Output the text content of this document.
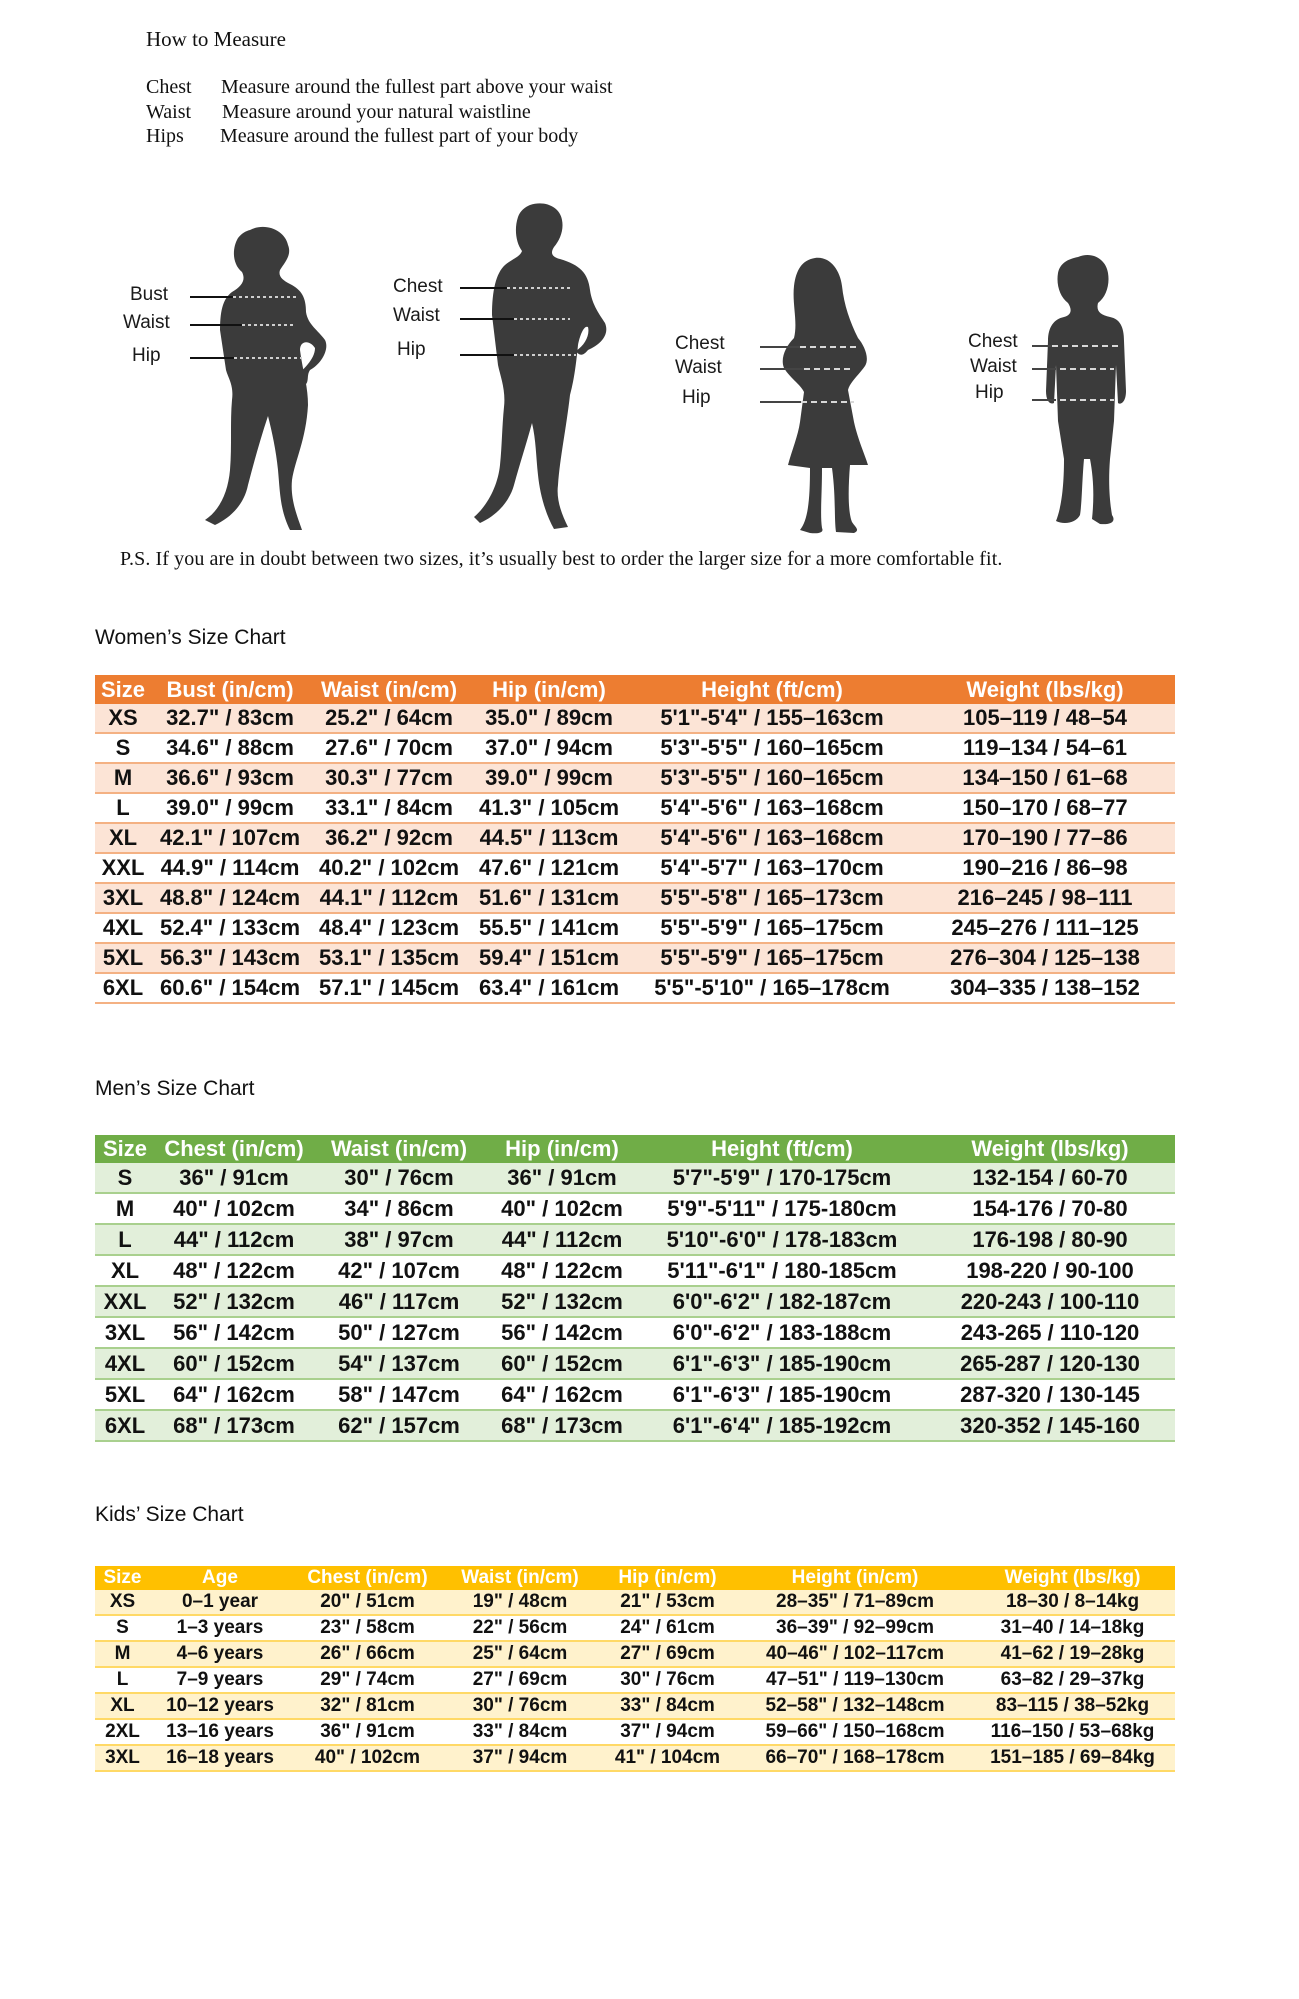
How to Measure
Chest Measure around the fullest part above your waist
Waist Measure around your natural waistline
Hips Measure around the fullest part of your body
Bust
Waist
Hip
Chest
Waist
Hip	Chest
Waist
Hip
Chest
Waist
Hip
P.S. If you are in doubt between two sizes, it’s usually best to order the larger size for a more comfortable fit.
Women’s Size Chart
Size	Bust (in/cm)	Waist (in/cm)	Hip (in/cm)	Height (ft/cm)	Weight (lbs/kg)
XS	32.7" / 83cm	25.2" / 64cm	35.0" / 89cm	5'1"-5'4" / 155–163cm	105–119 / 48–54
S	34.6" / 88cm	27.6" / 70cm	37.0" / 94cm	5'3"-5'5" / 160–165cm	119–134 / 54–61
M	36.6" / 93cm	30.3" / 77cm	39.0" / 99cm	5'3"-5'5" / 160–165cm	134–150 / 61–68
L	39.0" / 99cm	33.1" / 84cm	41.3" / 105cm	5'4"-5'6" / 163–168cm	150–170 / 68–77
XL	42.1" / 107cm	36.2" / 92cm	44.5" / 113cm	5'4"-5'6" / 163–168cm	170–190 / 77–86
XXL	44.9" / 114cm	40.2" / 102cm	47.6" / 121cm	5'4"-5'7" / 163–170cm	190–216 / 86–98
3XL	48.8" / 124cm	44.1" / 112cm	51.6" / 131cm	5'5"-5'8" / 165–173cm	216–245 / 98–111
4XL	52.4" / 133cm	48.4" / 123cm	55.5" / 141cm	5'5"-5'9" / 165–175cm	245–276 / 111–125
5XL	56.3" / 143cm	53.1" / 135cm	59.4" / 151cm	5'5"-5'9" / 165–175cm	276–304 / 125–138
6XL	60.6" / 154cm	57.1" / 145cm	63.4" / 161cm	5'5"-5'10" / 165–178cm	304–335 / 138–152
Men’s Size Chart
Size	Chest (in/cm)	Waist (in/cm)	Hip (in/cm)	Height (ft/cm)	Weight (lbs/kg)
S	36" / 91cm	30" / 76cm	36" / 91cm	5'7"-5'9" / 170-175cm	132-154 / 60-70
M	40" / 102cm	34" / 86cm	40" / 102cm	5'9"-5'11" / 175-180cm	154-176 / 70-80
L	44" / 112cm	38" / 97cm	44" / 112cm	5'10"-6'0" / 178-183cm	176-198 / 80-90
XL	48" / 122cm	42" / 107cm	48" / 122cm	5'11"-6'1" / 180-185cm	198-220 / 90-100
XXL	52" / 132cm	46" / 117cm	52" / 132cm	6'0"-6'2" / 182-187cm	220-243 / 100-110
3XL	56" / 142cm	50" / 127cm	56" / 142cm	6'0"-6'2" / 183-188cm	243-265 / 110-120
4XL	60" / 152cm	54" / 137cm	60" / 152cm	6'1"-6'3" / 185-190cm	265-287 / 120-130
5XL	64" / 162cm	58" / 147cm	64" / 162cm	6'1"-6'3" / 185-190cm	287-320 / 130-145
6XL	68" / 173cm	62" / 157cm	68" / 173cm	6'1"-6'4" / 185-192cm	320-352 / 145-160
Kids’ Size Chart
Size	Age	Chest (in/cm)	Waist (in/cm)	Hip (in/cm)	Height (in/cm)	Weight (lbs/kg)
XS	0–1 year	20" / 51cm	19" / 48cm	21" / 53cm	28–35" / 71–89cm	18–30 / 8–14kg
S	1–3 years	23" / 58cm	22" / 56cm	24" / 61cm	36–39" / 92–99cm	31–40 / 14–18kg
M	4–6 years	26" / 66cm	25" / 64cm	27" / 69cm	40–46" / 102–117cm	41–62 / 19–28kg
L	7–9 years	29" / 74cm	27" / 69cm	30" / 76cm	47–51" / 119–130cm	63–82 / 29–37kg
XL	10–12 years	32" / 81cm	30" / 76cm	33" / 84cm	52–58" / 132–148cm	83–115 / 38–52kg
2XL	13–16 years	36" / 91cm	33" / 84cm	37" / 94cm	59–66" / 150–168cm	116–150 / 53–68kg
3XL	16–18 years	40" / 102cm	37" / 94cm	41" / 104cm	66–70" / 168–178cm	151–185 / 69–84kg
